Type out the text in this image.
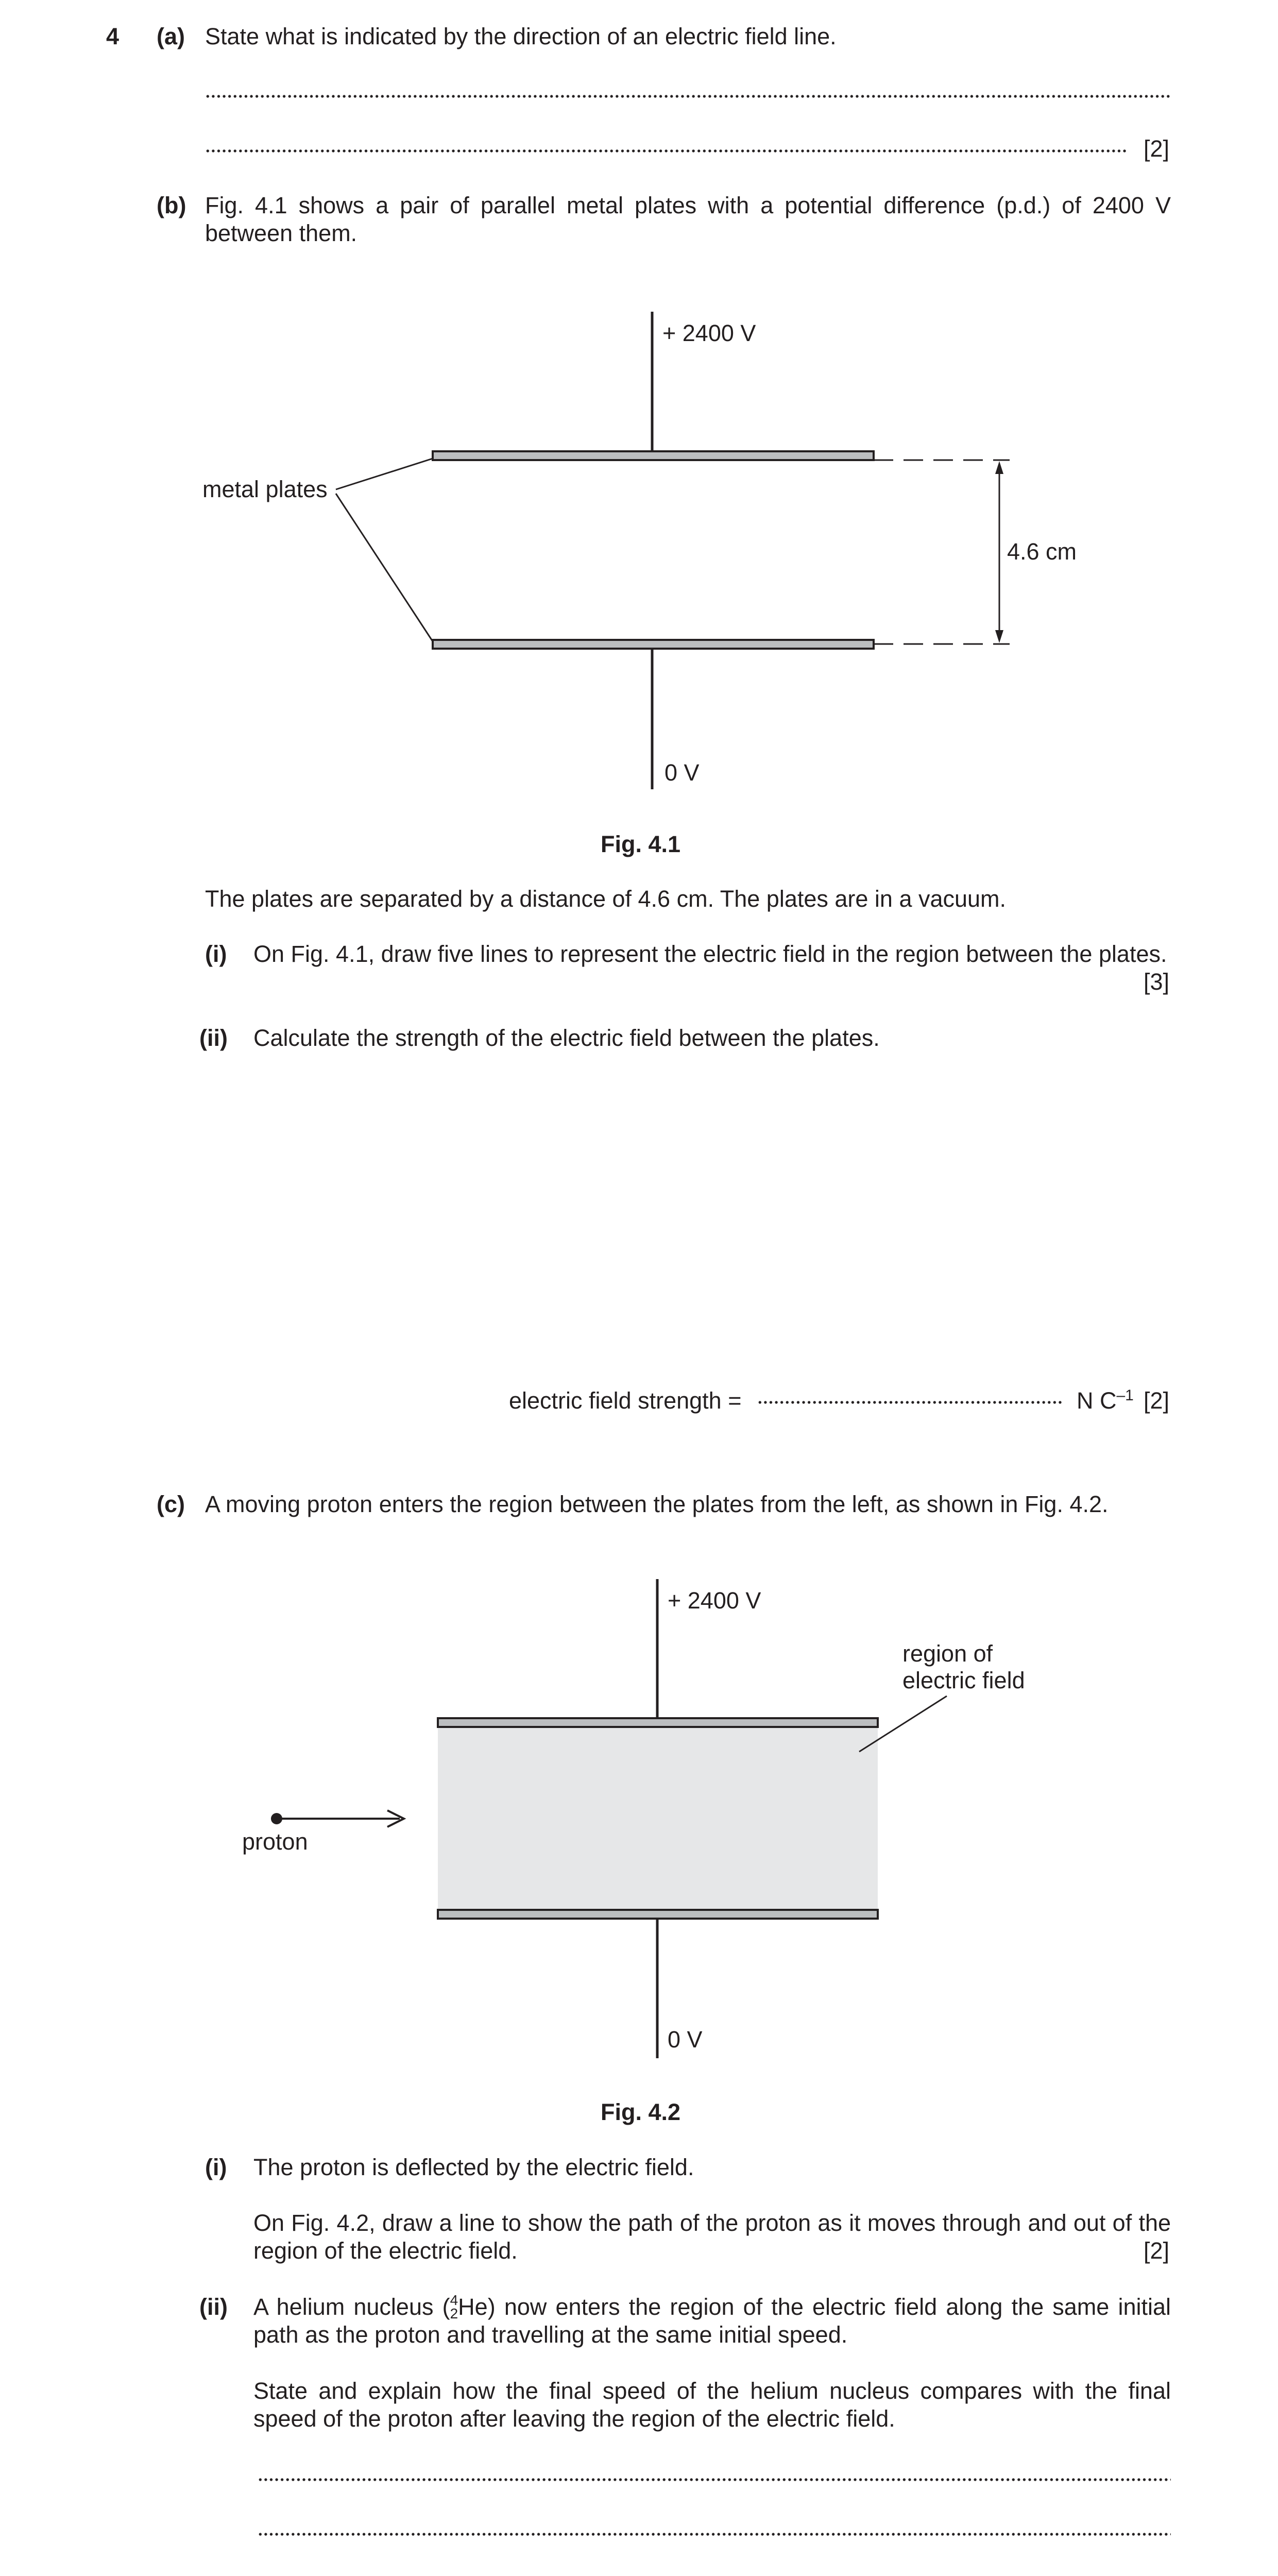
4 (a) State what is indicated by the direction of an electric field line.
[2]
(b) Fig. 4.1 shows a pair of parallel metal plates with a potential difference (p.d.) of 2400 V between them.
+ 2400 V
metal plates
4.6 cm
0 V
Fig. 4.1
The plates are separated by a distance of 4.6 cm. The plates are in a vacuum.
(i) On Fig. 4.1, draw five lines to represent the electric field in the region between the plates.
[3]
(ii) Calculate the strength of the electric field between the plates.
electric field strength =	N $C^{-1}$ [2]
(c) A moving proton enters the region between the plates from the left, as shown in Fig. 4.2.
+ 2400 V
region of
electric field
proton
0 V
Fig. 4.2
(i) The proton is deflected by the electric field.
On Fig. 4.2, draw a line to show the path of the proton as it moves through and out of the region of the electric field.	[2]
(ii) A helium nucleus (4
2He) now enters the region of the electric field along the same initial path as the proton and travelling at the same initial speed.
State and explain how the final speed of the helium nucleus compares with the final speed of the proton after leaving the region of the electric field.
